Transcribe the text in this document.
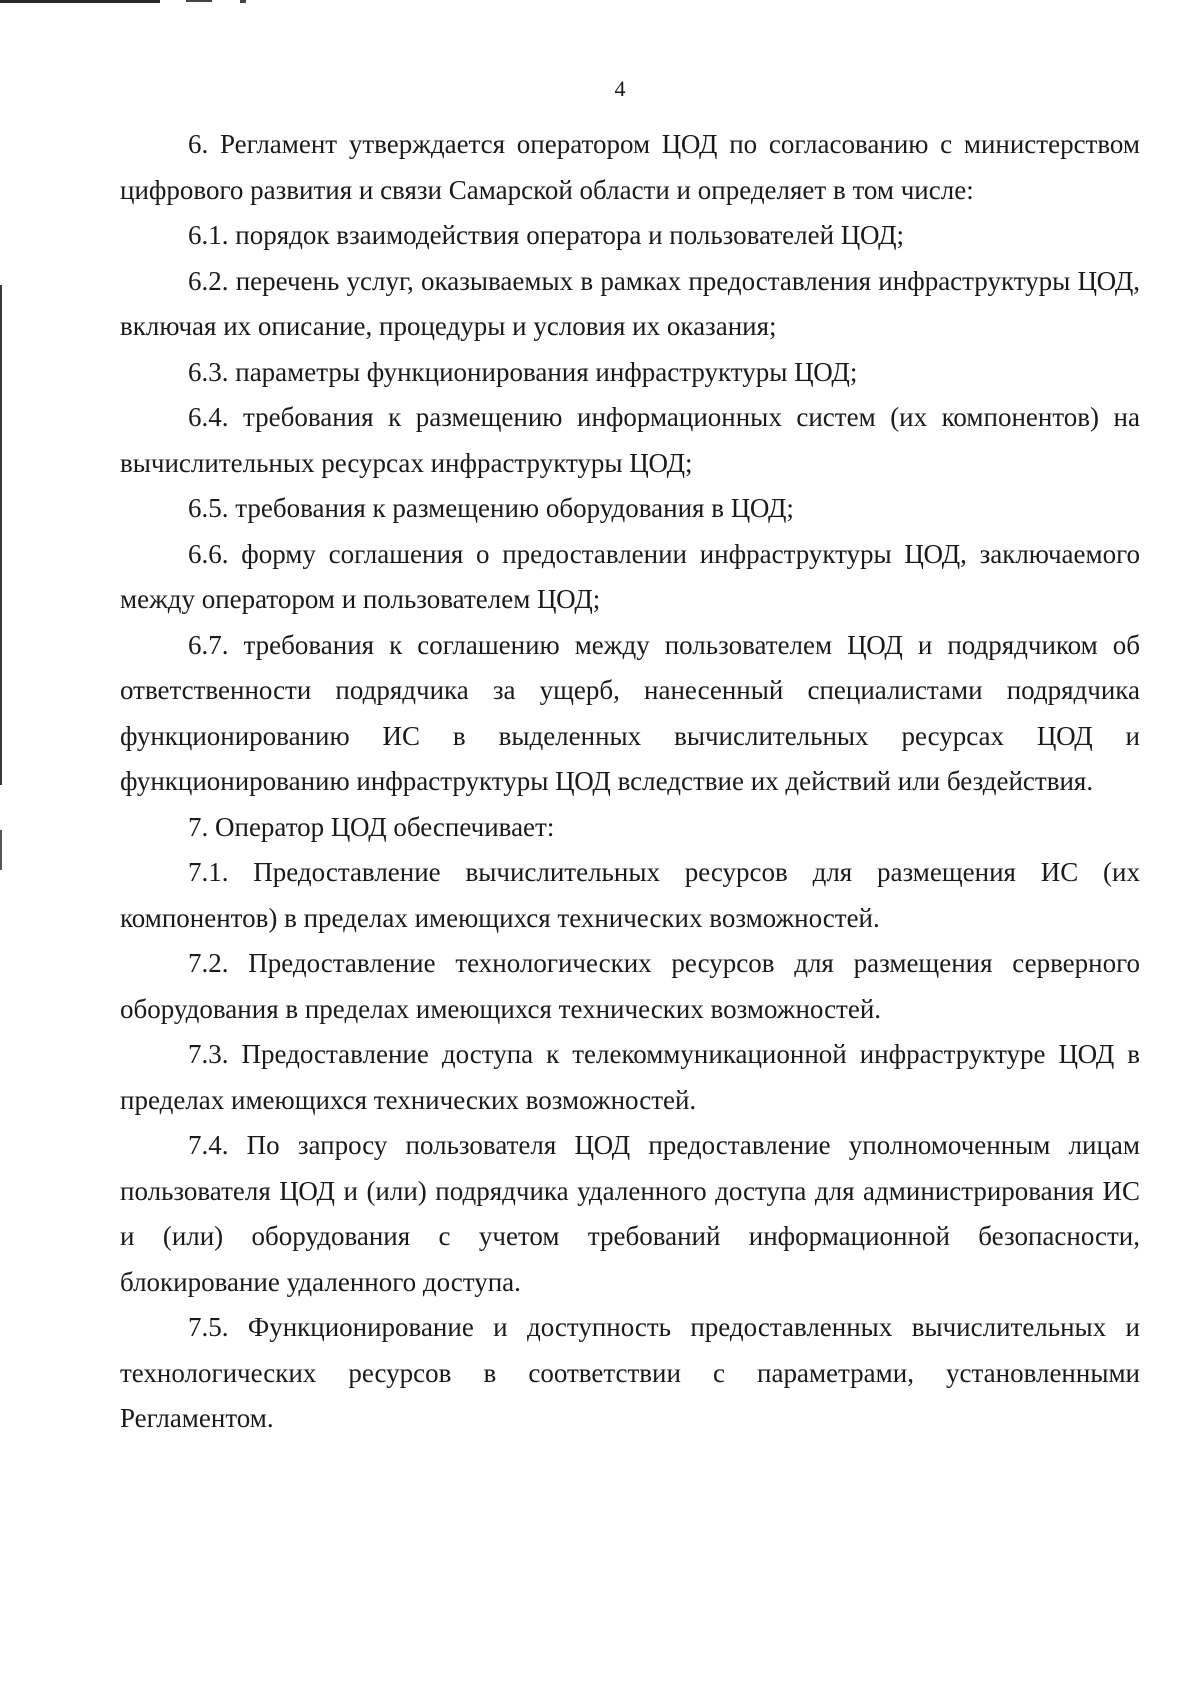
4

6. Регламент утверждается оператором ЦОД по согласованию с министерством цифрового развития и связи Самарской области и определяет в том числе:

6.1. порядок взаимодействия оператора и пользователей ЦОД;

6.2. перечень услуг, оказываемых в рамках предоставления инфраструктуры ЦОД, включая их описание, процедуры и условия их оказания;

6.3. параметры функционирования инфраструктуры ЦОД;

6.4. требования к размещению информационных систем (их компонентов) на вычислительных ресурсах инфраструктуры ЦОД;

6.5. требования к размещению оборудования в ЦОД;

6.6. форму соглашения о предоставлении инфраструктуры ЦОД, заключаемого между оператором и пользователем ЦОД;

6.7. требования к соглашению между пользователем ЦОД и подрядчиком об ответственности подрядчика за ущерб, нанесенный специалистами подрядчика функционированию ИС в выделенных вычислительных ресурсах ЦОД и функционированию инфраструктуры ЦОД вследствие их действий или бездействия.

7. Оператор ЦОД обеспечивает:

7.1. Предоставление вычислительных ресурсов для размещения ИС (их компонентов) в пределах имеющихся технических возможностей.

7.2. Предоставление технологических ресурсов для размещения серверного оборудования в пределах имеющихся технических возможностей.

7.3. Предоставление доступа к телекоммуникационной инфраструктуре ЦОД в пределах имеющихся технических возможностей.

7.4. По запросу пользователя ЦОД предоставление уполномоченным лицам пользователя ЦОД и (или) подрядчика удаленного доступа для администрирования ИС и (или) оборудования с учетом требований информационной безопасности, блокирование удаленного доступа.

7.5. Функционирование и доступность предоставленных вычислительных и технологических ресурсов в соответствии с параметрами, установленными Регламентом.
